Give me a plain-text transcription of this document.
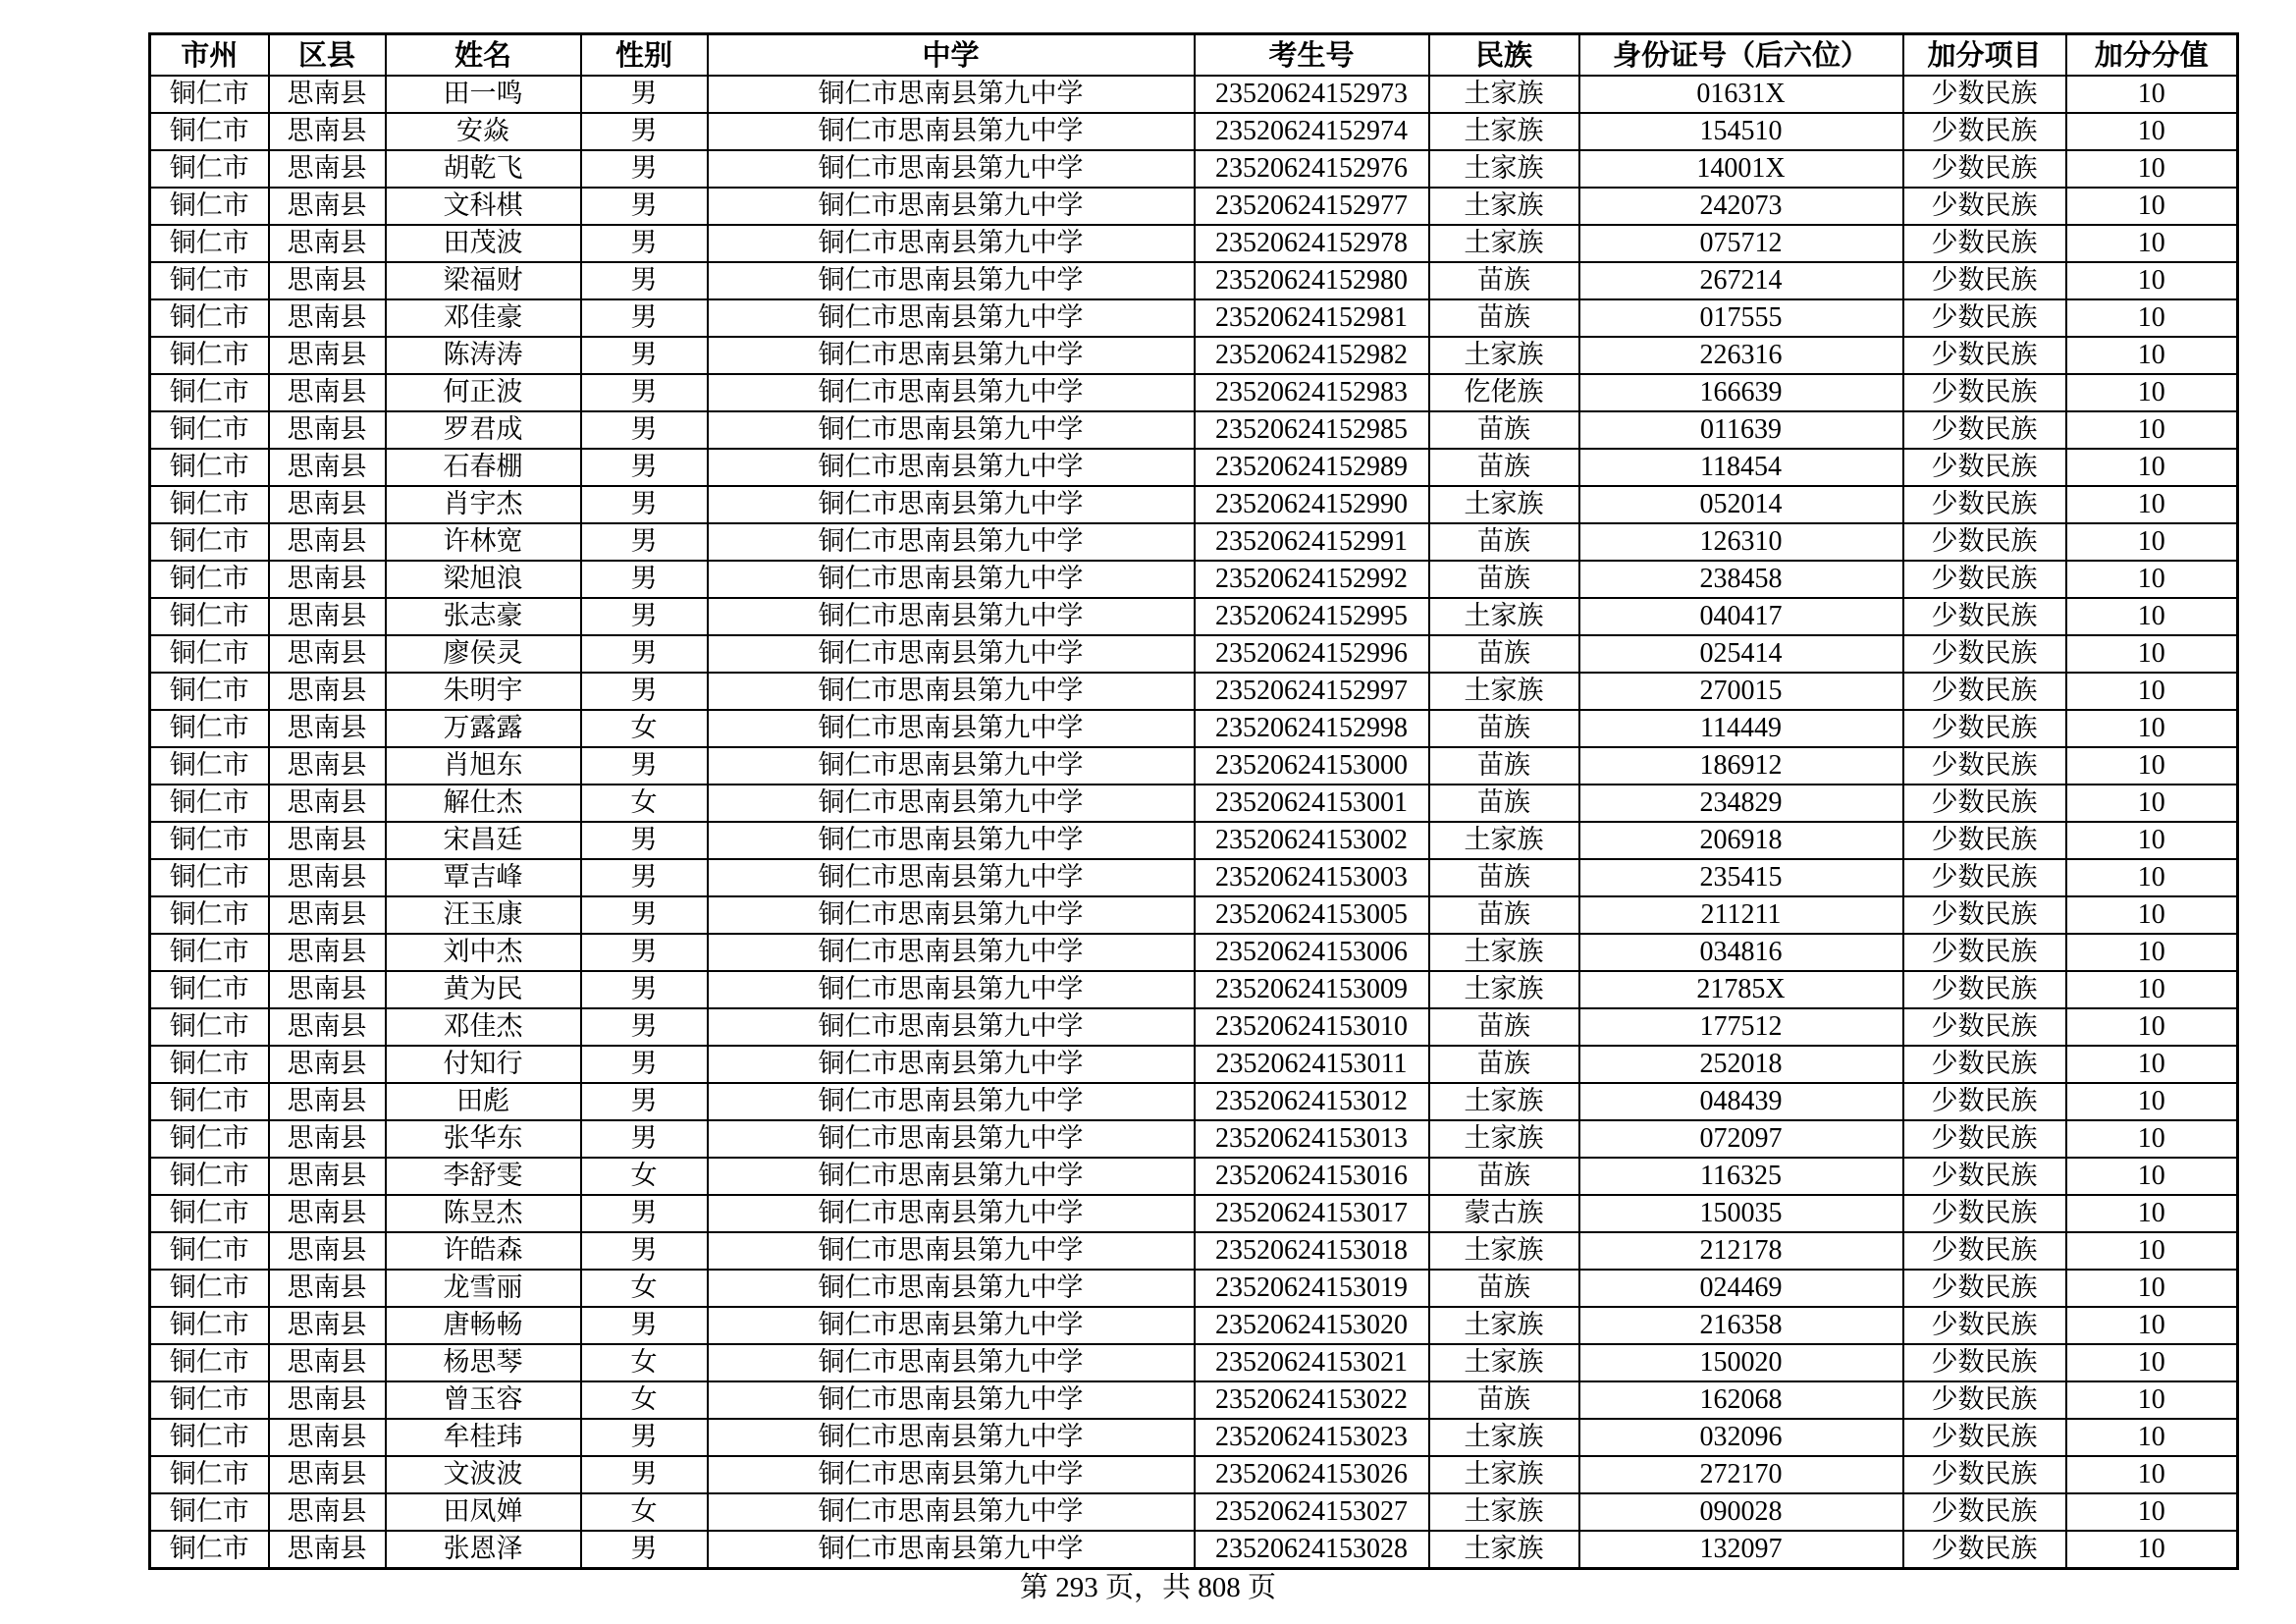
市州	区县	姓名	性别	中学	考生号	民族	身份证号（后六位）	加分项目	加分分值
铜仁市	思南县	田一鸣	男	铜仁市思南县第九中学	23520624152973	土家族	01631X	少数民族	10
铜仁市	思南县	安焱	男	铜仁市思南县第九中学	23520624152974	土家族	154510	少数民族	10
铜仁市	思南县	胡乾飞	男	铜仁市思南县第九中学	23520624152976	土家族	14001X	少数民族	10
铜仁市	思南县	文科棋	男	铜仁市思南县第九中学	23520624152977	土家族	242073	少数民族	10
铜仁市	思南县	田茂波	男	铜仁市思南县第九中学	23520624152978	土家族	075712	少数民族	10
铜仁市	思南县	梁福财	男	铜仁市思南县第九中学	23520624152980	苗族	267214	少数民族	10
铜仁市	思南县	邓佳豪	男	铜仁市思南县第九中学	23520624152981	苗族	017555	少数民族	10
铜仁市	思南县	陈涛涛	男	铜仁市思南县第九中学	23520624152982	土家族	226316	少数民族	10
铜仁市	思南县	何正波	男	铜仁市思南县第九中学	23520624152983	仡佬族	166639	少数民族	10
铜仁市	思南县	罗君成	男	铜仁市思南县第九中学	23520624152985	苗族	011639	少数民族	10
铜仁市	思南县	石春棚	男	铜仁市思南县第九中学	23520624152989	苗族	118454	少数民族	10
铜仁市	思南县	肖宇杰	男	铜仁市思南县第九中学	23520624152990	土家族	052014	少数民族	10
铜仁市	思南县	许林宽	男	铜仁市思南县第九中学	23520624152991	苗族	126310	少数民族	10
铜仁市	思南县	梁旭浪	男	铜仁市思南县第九中学	23520624152992	苗族	238458	少数民族	10
铜仁市	思南县	张志豪	男	铜仁市思南县第九中学	23520624152995	土家族	040417	少数民族	10
铜仁市	思南县	廖侯灵	男	铜仁市思南县第九中学	23520624152996	苗族	025414	少数民族	10
铜仁市	思南县	朱明宇	男	铜仁市思南县第九中学	23520624152997	土家族	270015	少数民族	10
铜仁市	思南县	万露露	女	铜仁市思南县第九中学	23520624152998	苗族	114449	少数民族	10
铜仁市	思南县	肖旭东	男	铜仁市思南县第九中学	23520624153000	苗族	186912	少数民族	10
铜仁市	思南县	解仕杰	女	铜仁市思南县第九中学	23520624153001	苗族	234829	少数民族	10
铜仁市	思南县	宋昌廷	男	铜仁市思南县第九中学	23520624153002	土家族	206918	少数民族	10
铜仁市	思南县	覃吉峰	男	铜仁市思南县第九中学	23520624153003	苗族	235415	少数民族	10
铜仁市	思南县	汪玉康	男	铜仁市思南县第九中学	23520624153005	苗族	211211	少数民族	10
铜仁市	思南县	刘中杰	男	铜仁市思南县第九中学	23520624153006	土家族	034816	少数民族	10
铜仁市	思南县	黄为民	男	铜仁市思南县第九中学	23520624153009	土家族	21785X	少数民族	10
铜仁市	思南县	邓佳杰	男	铜仁市思南县第九中学	23520624153010	苗族	177512	少数民族	10
铜仁市	思南县	付知行	男	铜仁市思南县第九中学	23520624153011	苗族	252018	少数民族	10
铜仁市	思南县	田彪	男	铜仁市思南县第九中学	23520624153012	土家族	048439	少数民族	10
铜仁市	思南县	张华东	男	铜仁市思南县第九中学	23520624153013	土家族	072097	少数民族	10
铜仁市	思南县	李舒雯	女	铜仁市思南县第九中学	23520624153016	苗族	116325	少数民族	10
铜仁市	思南县	陈昱杰	男	铜仁市思南县第九中学	23520624153017	蒙古族	150035	少数民族	10
铜仁市	思南县	许皓森	男	铜仁市思南县第九中学	23520624153018	土家族	212178	少数民族	10
铜仁市	思南县	龙雪丽	女	铜仁市思南县第九中学	23520624153019	苗族	024469	少数民族	10
铜仁市	思南县	唐畅畅	男	铜仁市思南县第九中学	23520624153020	土家族	216358	少数民族	10
铜仁市	思南县	杨思琴	女	铜仁市思南县第九中学	23520624153021	土家族	150020	少数民族	10
铜仁市	思南县	曾玉容	女	铜仁市思南县第九中学	23520624153022	苗族	162068	少数民族	10
铜仁市	思南县	牟桂玮	男	铜仁市思南县第九中学	23520624153023	土家族	032096	少数民族	10
铜仁市	思南县	文波波	男	铜仁市思南县第九中学	23520624153026	土家族	272170	少数民族	10
铜仁市	思南县	田凤婵	女	铜仁市思南县第九中学	23520624153027	土家族	090028	少数民族	10
铜仁市	思南县	张恩泽	男	铜仁市思南县第九中学	23520624153028	土家族	132097	少数民族	10
第 293 页，共 808 页
